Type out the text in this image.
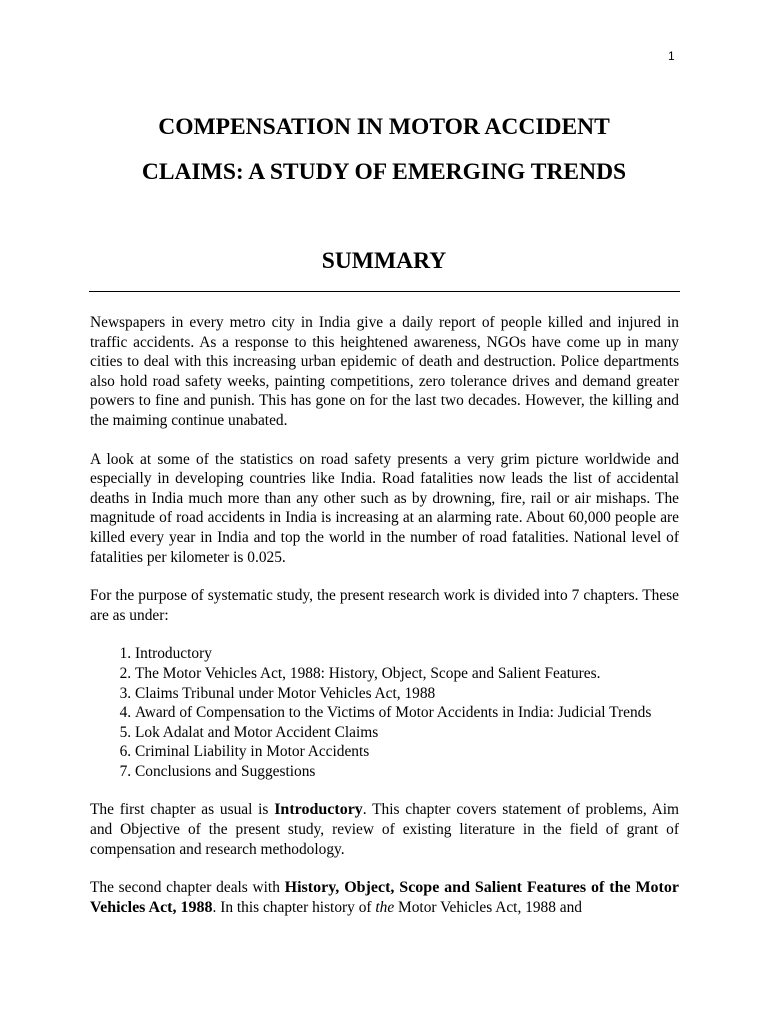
1
COMPENSATION IN MOTOR ACCIDENT
CLAIMS: A STUDY OF EMERGING TRENDS
SUMMARY

Newspapers in every metro city in India give a daily report of people killed and injured in traffic accidents. As a response to this heightened awareness, NGOs have come up in many cities to deal with this increasing urban epidemic of death and destruction. Police departments also hold road safety weeks, painting competitions, zero tolerance drives and demand greater powers to fine and punish. This has gone on for the last two decades. However, the killing and the maiming continue unabated.

A look at some of the statistics on road safety presents a very grim picture worldwide and especially in developing countries like India. Road fatalities now leads the list of accidental deaths in India much more than any other such as by drowning, fire, rail or air mishaps. The magnitude of road accidents in India is increasing at an alarming rate. About 60,000 people are killed every year in India and top the world in the number of road fatalities. National level of fatalities per kilometer is 0.025.

For the purpose of systematic study, the present research work is divided into 7 chapters. These are as under:

1. Introductory
2. The Motor Vehicles Act, 1988: History, Object, Scope and Salient Features.
3. Claims Tribunal under Motor Vehicles Act, 1988
4. Award of Compensation to the Victims of Motor Accidents in India: Judicial Trends
5. Lok Adalat and Motor Accident Claims
6. Criminal Liability in Motor Accidents
7. Conclusions and Suggestions

The first chapter as usual is Introductory. This chapter covers statement of problems, Aim and Objective of the present study, review of existing literature in the field of grant of compensation and research methodology.

The second chapter deals with History, Object, Scope and Salient Features of the Motor Vehicles Act, 1988. In this chapter history of the Motor Vehicles Act, 1988 and
